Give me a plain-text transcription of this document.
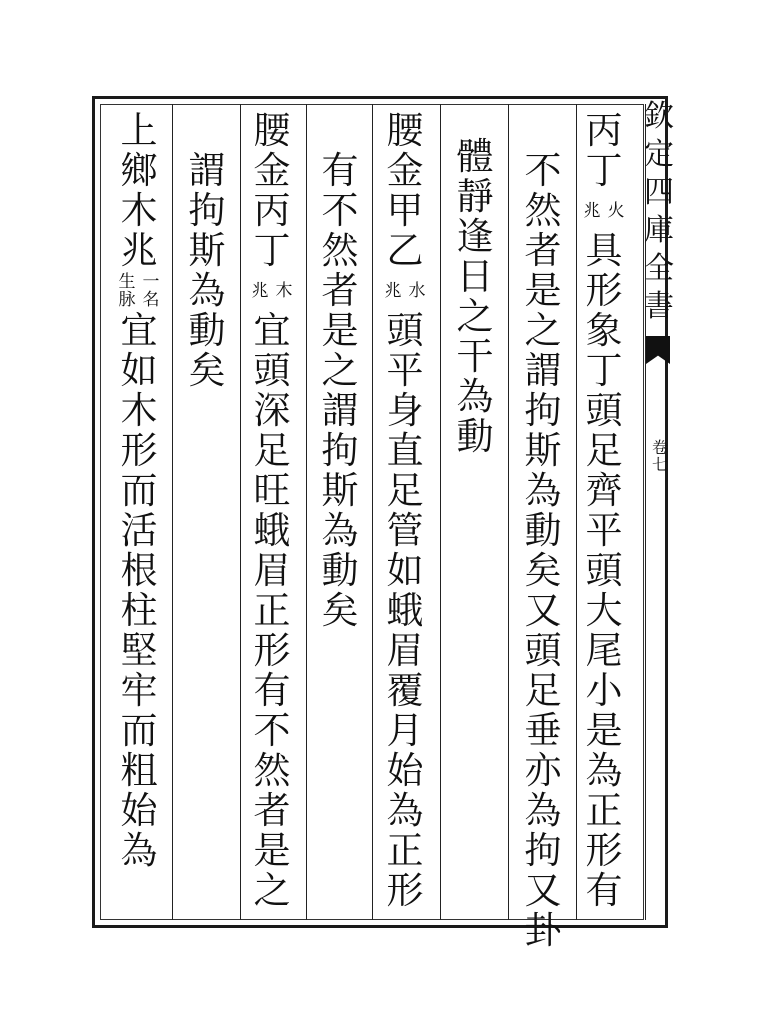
欽
定
四
庫
全
書
卷
七
丙
丁
火
兆
具
形
象
丁
頭
足
齊
平
頭
大
尾
小
是
為
正
形
有
不
然
者
是
之
謂
拘
斯
為
動
矣
又
頭
足
垂
亦
為
拘
又
卦
體
靜
逢
日
之
干
為
動
腰
金
甲
乙
水
兆
頭
平
身
直
足
管
如
蛾
眉
覆
月
始
為
正
形
有
不
然
者
是
之
謂
拘
斯
為
動
矣
腰
金
丙
丁
木
兆
宜
頭
深
足
旺
蛾
眉
正
形
有
不
然
者
是
之
謂
拘
斯
為
動
矣
上
鄉
木
兆
一
名
生
脉
宜
如
木
形
而
活
根
柱
堅
牢
而
粗
始
為
